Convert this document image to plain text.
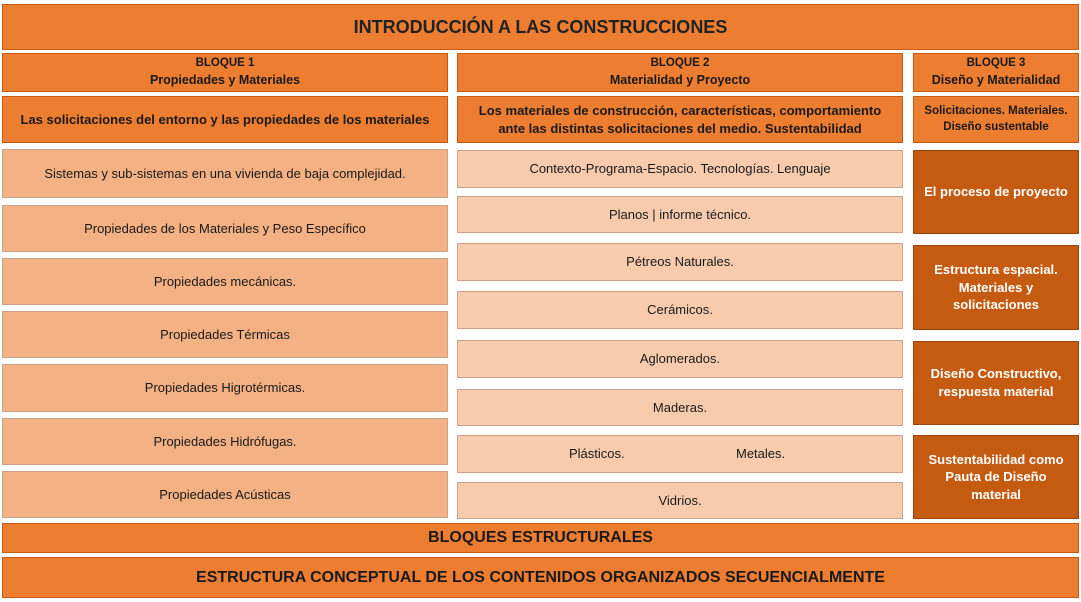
INTRODUCCIÓN A LAS CONSTRUCCIONES
BLOQUE 1
Propiedades y Materiales
BLOQUE 2
Materialidad y Proyecto
BLOQUE 3
Diseño y Materialidad
Las solicitaciones del entorno y las propiedades de los materiales
Los materiales de construcción, características, comportamiento ante las distintas solicitaciones del medio. Sustentabilidad
Solicitaciones. Materiales. Diseño sustentable
Sistemas y sub-sistemas en una vivienda de baja complejidad.
Propiedades de los Materiales y Peso Específico
Propiedades mecánicas.
Propiedades Térmicas
Propiedades Higrotérmicas.
Propiedades Hidrófugas.
Propiedades Acústicas
Contexto-Programa-Espacio. Tecnologías. Lenguaje
Planos | informe técnico.
Pétreos Naturales.
Cerámicos.
Aglomerados.
Maderas.
Plásticos.	Metales.
Vidrios.
El proceso de proyecto
Estructura espacial. Materiales y solicitaciones
Diseño Constructivo, respuesta material
Sustentabilidad como Pauta de Diseño material
BLOQUES ESTRUCTURALES
ESTRUCTURA CONCEPTUAL DE LOS CONTENIDOS ORGANIZADOS SECUENCIALMENTE
